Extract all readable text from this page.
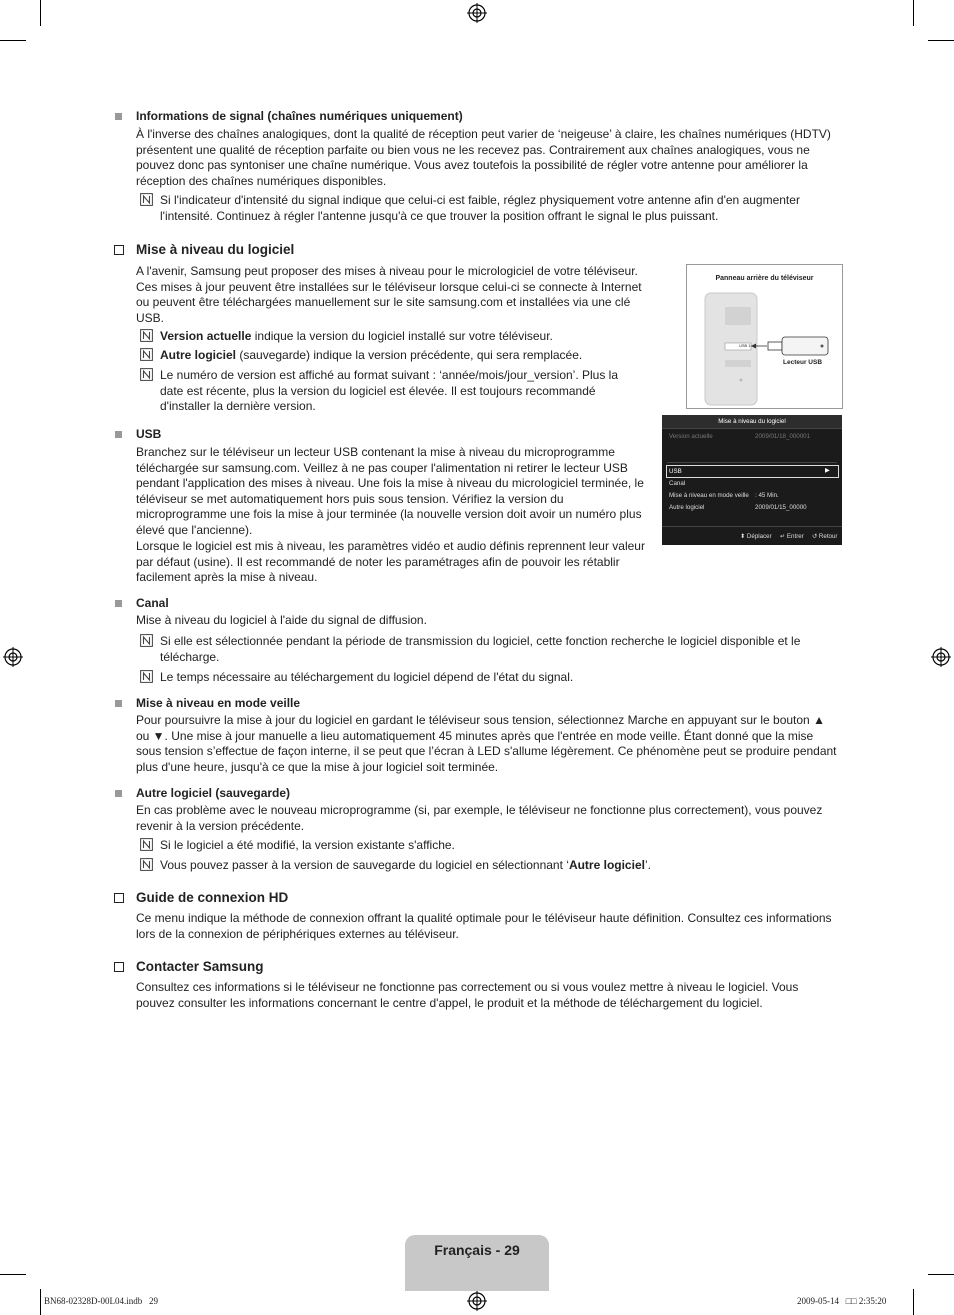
Informations de signal (chaînes numériques uniquement)

À l'inverse des chaînes analogiques, dont la qualité de réception peut varier de ‘neigeuse’ à claire, les chaînes numériques (HDTV) présentent une qualité de réception parfaite ou bien vous ne les recevez pas. Contrairement aux chaînes analogiques, vous ne pouvez donc pas syntoniser une chaîne numérique. Vous avez toutefois la possibilité de régler votre antenne pour améliorer la réception des chaînes numériques disponibles.

Si l'indicateur d'intensité du signal indique que celui-ci est faible, réglez physiquement votre antenne afin d'en augmenter l'intensité. Continuez à régler l'antenne jusqu'à ce que trouver la position offrant le signal le plus puissant.

Mise à niveau du logiciel

A l'avenir, Samsung peut proposer des mises à niveau pour le micrologiciel de votre téléviseur. Ces mises à jour peuvent être installées sur le téléviseur lorsque celui-ci se connecte à Internet ou peuvent être téléchargées manuellement sur le site samsung.com et installées via une clé USB.

Version actuelle indique la version du logiciel installé sur votre téléviseur.

Autre logiciel (sauvegarde) indique la version précédente, qui sera remplacée.

Le numéro de version est affiché au format suivant : ‘année/mois/jour_version’. Plus la date est récente, plus la version du logiciel est élevée. Il est toujours recommandé d'installer la dernière version.

Panneau arrière du téléviseur
USB 1
Lecteur USB
Mise à niveau du logiciel
Version actuelle	2009/01/18_000001
USB	▶
Canal
Mise à niveau en mode veille : 45 Min.
Autre logiciel	2009/01/15_00000
⬍ Déplacer ↵ Entrer ↺ Retour

USB

Branchez sur le téléviseur un lecteur USB contenant la mise à niveau du microprogramme téléchargée sur samsung.com. Veillez à ne pas couper l'alimentation ni retirer le lecteur USB pendant l'application des mises à niveau. Une fois la mise à niveau du micrologiciel terminée, le téléviseur se met automatiquement hors puis sous tension. Vérifiez la version du microprogramme une fois la mise à jour terminée (la nouvelle version doit avoir un numéro plus élevé que l'ancienne).

Lorsque le logiciel est mis à niveau, les paramètres vidéo et audio définis reprennent leur valeur par défaut (usine). Il est recommandé de noter les paramétrages afin de pouvoir les rétablir facilement après la mise à niveau.

Canal

Mise à niveau du logiciel à l'aide du signal de diffusion.

Si elle est sélectionnée pendant la période de transmission du logiciel, cette fonction recherche le logiciel disponible et le télécharge.

Le temps nécessaire au téléchargement du logiciel dépend de l'état du signal.

Mise à niveau en mode veille

Pour poursuivre la mise à jour du logiciel en gardant le téléviseur sous tension, sélectionnez Marche en appuyant sur le bouton ▲ ou ▼. Une mise à jour manuelle a lieu automatiquement 45 minutes après que l'entrée en mode veille. Étant donné que la mise sous tension s’effectue de façon interne, il se peut que l’écran à LED s'allume légèrement. Ce phénomène peut se produire pendant plus d'une heure, jusqu'à ce que la mise à jour logiciel soit terminée.

Autre logiciel (sauvegarde)

En cas problème avec le nouveau microprogramme (si, par exemple, le téléviseur ne fonctionne plus correctement), vous pouvez revenir à la version précédente.

Si le logiciel a été modifié, la version existante s'affiche.

Vous pouvez passer à la version de sauvegarde du logiciel en sélectionnant ‘Autre logiciel’.

Guide de connexion HD

Ce menu indique la méthode de connexion offrant la qualité optimale pour le téléviseur haute définition. Consultez ces informations lors de la connexion de périphériques externes au téléviseur.

Contacter Samsung

Consultez ces informations si le téléviseur ne fonctionne pas correctement ou si vous voulez mettre à niveau le logiciel. Vous pouvez consulter les informations concernant le centre d'appel, le produit et la méthode de téléchargement du logiciel.

Français - 29
BN68-02328D-00L04.indb   29	2009-05-14   □□ 2:35:20
